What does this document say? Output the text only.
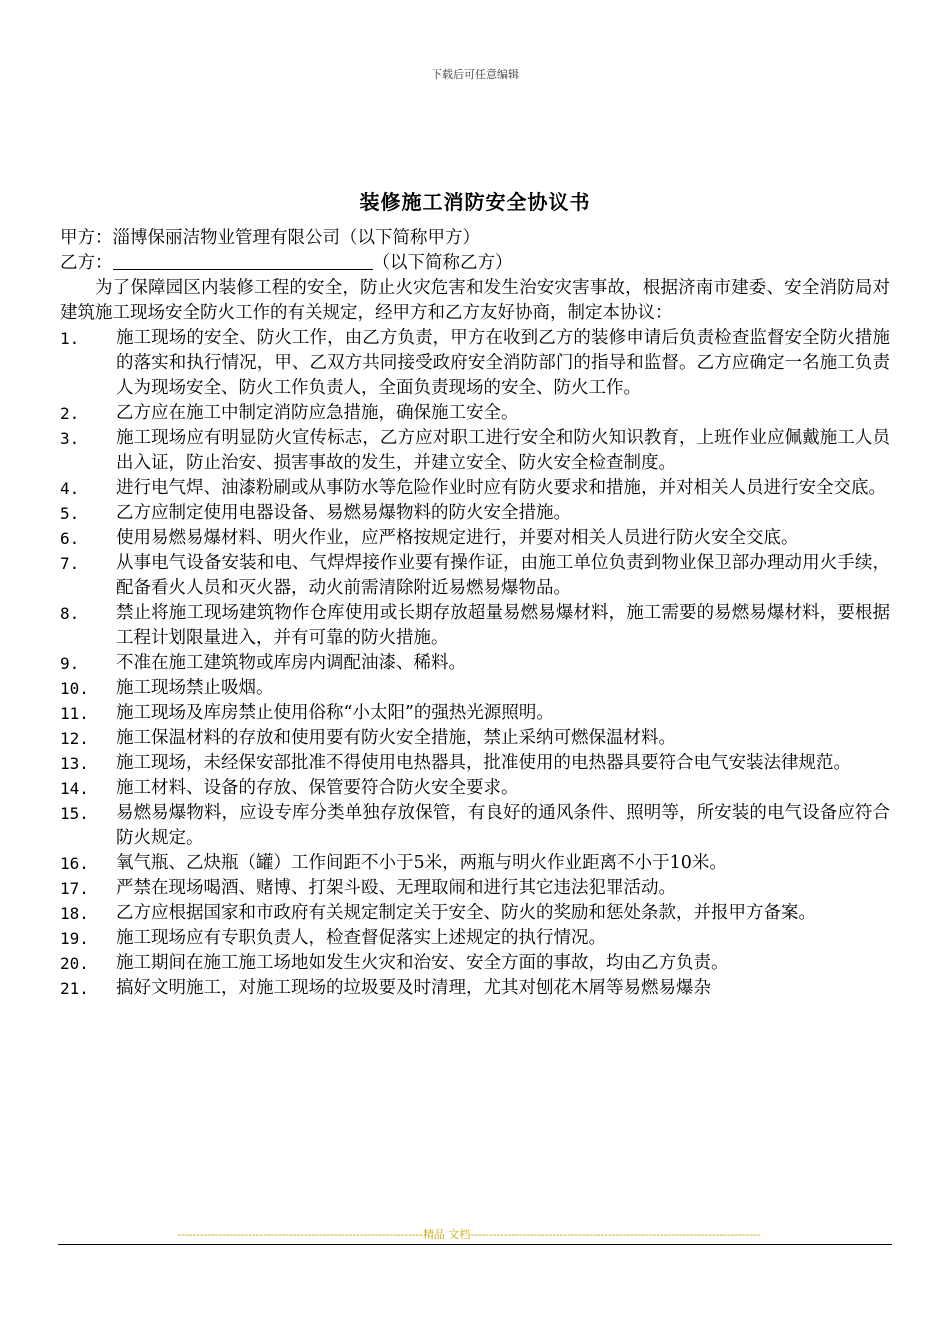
下载后可任意编辑
装修施工消防安全协议书
甲方：淄博保丽洁物业管理有限公司（以下简称甲方）
乙方：	（以下简称乙方）
为了保障园区内装修工程的安全，防止火灾危害和发生治安灾害事故，根据济南市建委、安全消防局对建筑施工现场安全防火工作的有关规定，经甲方和乙方友好协商，制定本协议：
1.	施工现场的安全、防火工作，由乙方负责，甲方在收到乙方的装修申请后负责检查监督安全防火措施的落实和执行情况，甲、乙双方共同接受政府安全消防部门的指导和监督。乙方应确定一名施工负责人为现场安全、防火工作负责人，全面负责现场的安全、防火工作。
2.	乙方应在施工中制定消防应急措施，确保施工安全。
3.	施工现场应有明显防火宣传标志，乙方应对职工进行安全和防火知识教育，上班作业应佩戴施工人员出入证，防止治安、损害事故的发生，并建立安全、防火安全检查制度。
4.	进行电气焊、油漆粉刷或从事防水等危险作业时应有防火要求和措施，并对相关人员进行安全交底。
5.	乙方应制定使用电器设备、易燃易爆物料的防火安全措施。
6.	使用易燃易爆材料、明火作业，应严格按规定进行，并要对相关人员进行防火安全交底。
7.	从事电气设备安装和电、气焊焊接作业要有操作证，由施工单位负责到物业保卫部办理动用火手续，配备看火人员和灭火器，动火前需清除附近易燃易爆物品。
8.	禁止将施工现场建筑物作仓库使用或长期存放超量易燃易爆材料，施工需要的易燃易爆材料，要根据工程计划限量进入，并有可靠的防火措施。
9.	不准在施工建筑物或库房内调配油漆、稀料。
10.	施工现场禁止吸烟。
11.	施工现场及库房禁止使用俗称“小太阳”的强热光源照明。
12.	施工保温材料的存放和使用要有防火安全措施，禁止采纳可燃保温材料。
13.	施工现场，未经保安部批准不得使用电热器具，批准使用的电热器具要符合电气安装法律规范。
14.	施工材料、设备的存放、保管要符合防火安全要求。
15.	易燃易爆物料，应设专库分类单独存放保管，有良好的通风条件、照明等，所安装的电气设备应符合防火规定。
16.	氧气瓶、乙炔瓶（罐）工作间距不小于5米，两瓶与明火作业距离不小于10米。
17.	严禁在现场喝酒、赌博、打架斗殴、无理取闹和进行其它违法犯罪活动。
18.	乙方应根据国家和市政府有关规定制定关于安全、防火的奖励和惩处条款，并报甲方备案。
19.	施工现场应有专职负责人，检查督促落实上述规定的执行情况。
20.	施工期间在施工施工场地如发生火灾和治安、安全方面的事故，均由乙方负责。
21.	搞好文明施工，对施工现场的垃圾要及时清理，尤其对刨花木屑等易燃易爆杂
------------------------------------------------------------------精品 文档------------------------------------------------------------------------------
